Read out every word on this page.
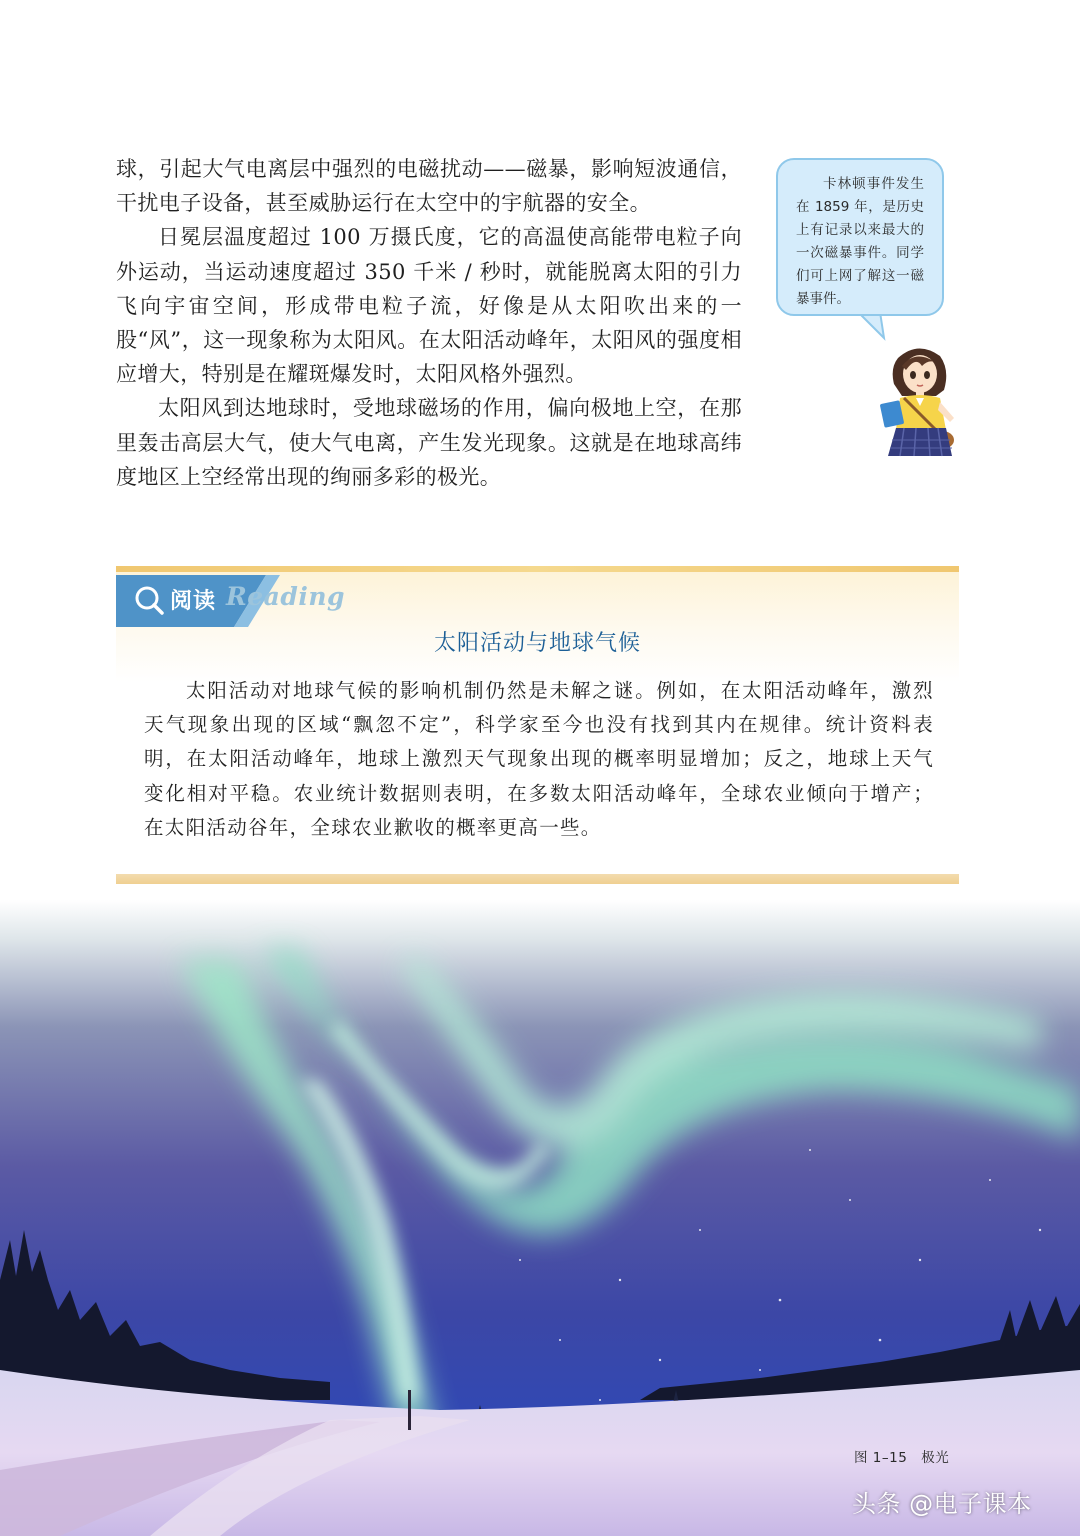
球，引起大气电离层中强烈的电磁扰动——磁暴，影响短波通信，干扰电子设备，甚至威胁运行在太空中的宇航器的安全。

日冕层温度超过 100 万摄氏度，它的高温使高能带电粒子向外运动，当运动速度超过 350 千米 / 秒时，就能脱离太阳的引力飞向宇宙空间，形成带电粒子流，好像是从太阳吹出来的一股“风”，这一现象称为太阳风。在太阳活动峰年，太阳风的强度相应增大，特别是在耀斑爆发时，太阳风格外强烈。

太阳风到达地球时，受地球磁场的作用，偏向极地上空，在那里轰击高层大气，使大气电离，产生发光现象。这就是在地球高纬度地区上空经常出现的绚丽多彩的极光。

卡林顿事件发生在 1859 年，是历史上有记录以来最大的一次磁暴事件。同学们可上网了解这一磁暴事件。
阅读 Reading
太阳活动与地球气候
太阳活动对地球气候的影响机制仍然是未解之谜。例如，在太阳活动峰年，激烈天气现象出现的区域“飘忽不定”，科学家至今也没有找到其内在规律。统计资料表明，在太阳活动峰年，地球上激烈天气现象出现的概率明显增加；反之，地球上天气变化相对平稳。农业统计数据则表明，在多数太阳活动峰年，全球农业倾向于增产；在太阳活动谷年，全球农业歉收的概率更高一些。
图 1–15　极光
头条 @电子课本
